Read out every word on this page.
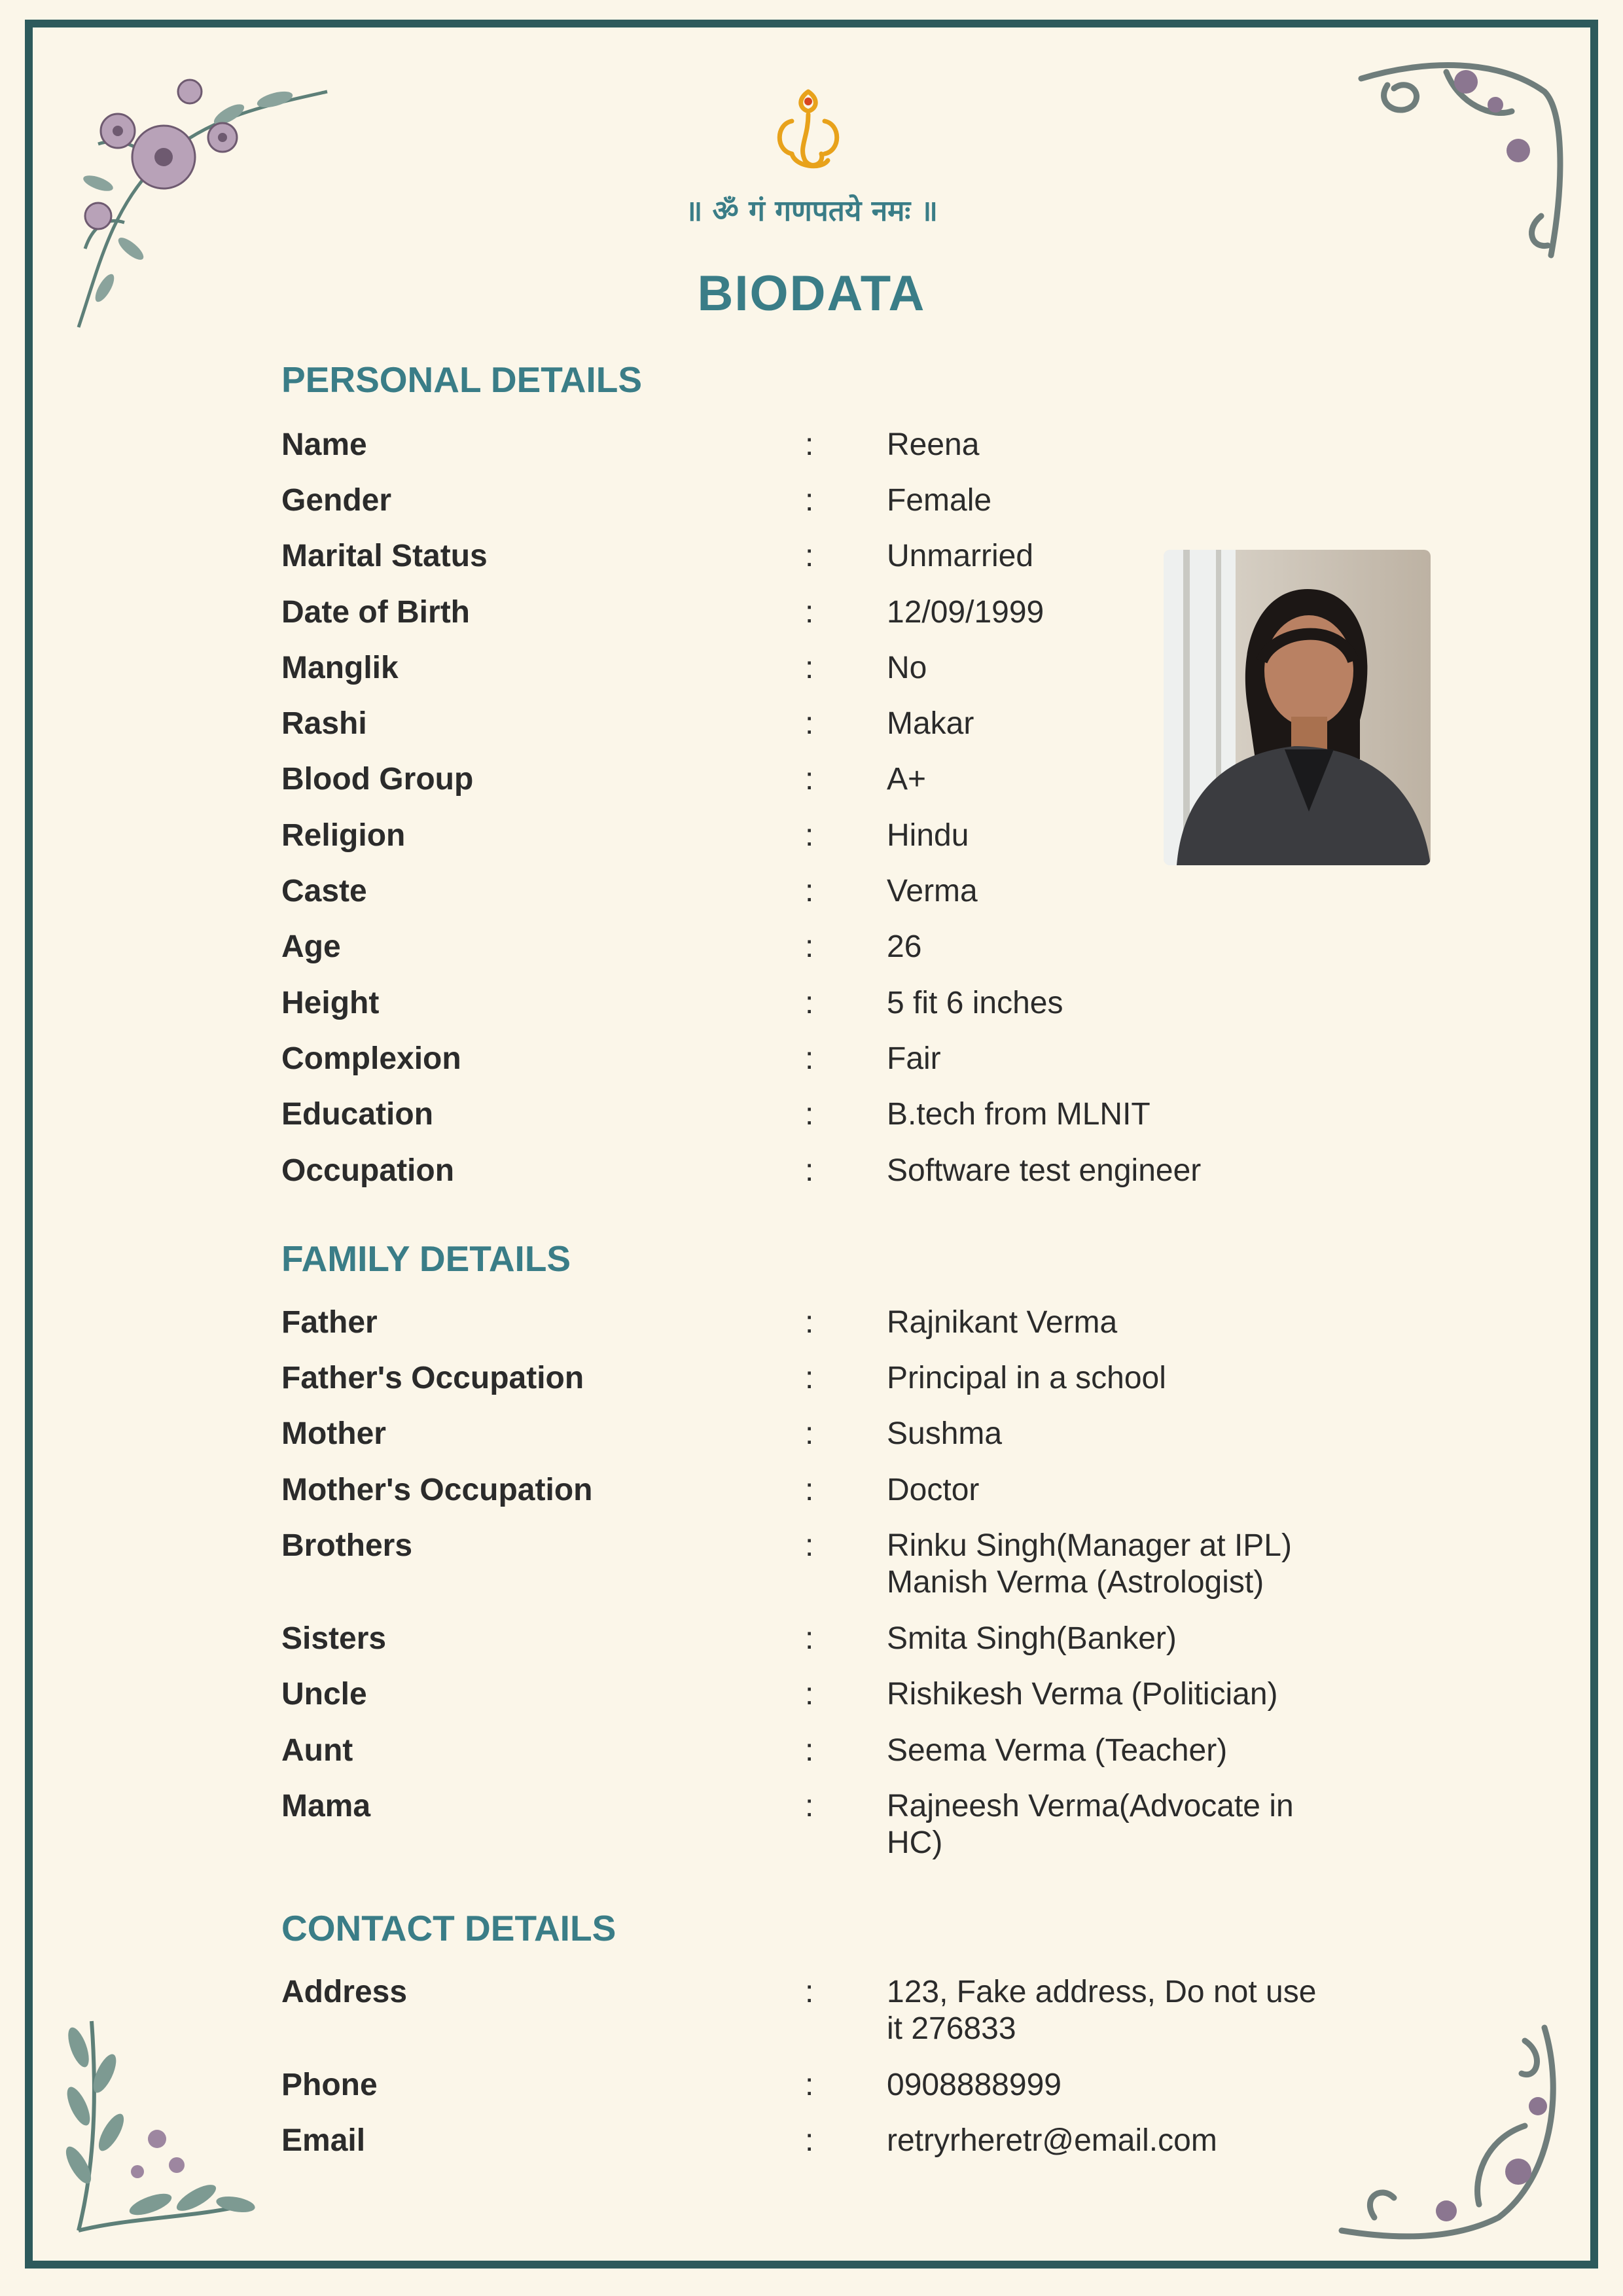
॥ ॐ गं गणपतये नमः ॥
BIODATA
PERSONAL DETAILS
Name	: Reena
Gender	: Female
Marital Status	: Unmarried
Date of Birth	: 12/09/1999
Manglik	: No
Rashi	: Makar
Blood Group	: A+
Religion	: Hindu
Caste	: Verma
Age	: 26
Height	: 5 fit 6 inches
Complexion	: Fair
Education	: B.tech from MLNIT
Occupation	: Software test engineer
FAMILY DETAILS
Father	: Rajnikant Verma
Father's Occupation	: Principal in a school
Mother	: Sushma
Mother's Occupation	: Doctor
Brothers	: Rinku Singh(Manager at IPL)
Manish Verma (Astrologist)
Sisters	: Smita Singh(Banker)
Uncle	: Rishikesh Verma (Politician)
Aunt	: Seema Verma (Teacher)
Mama	: Rajneesh Verma(Advocate in
HC)
CONTACT DETAILS
Address	: 123, Fake address, Do not use
it 276833
Phone	: 0908888999
Email	: retryrheretr@email.com
